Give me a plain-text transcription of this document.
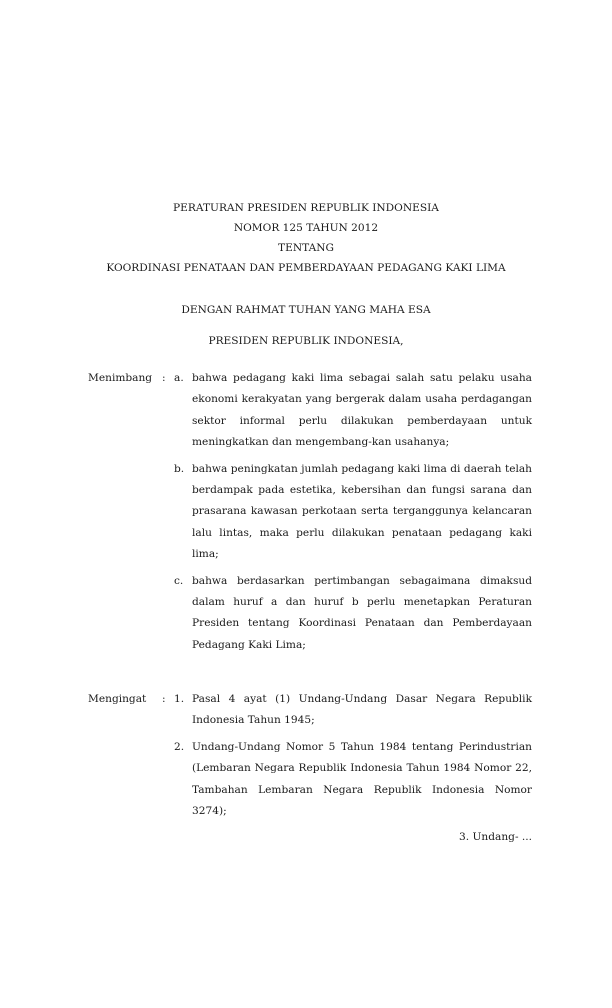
PERATURAN PRESIDEN REPUBLIK INDONESIA
NOMOR 125 TAHUN 2012
TENTANG
KOORDINASI PENATAAN DAN PEMBERDAYAAN PEDAGANG KAKI LIMA
DENGAN RAHMAT TUHAN YANG MAHA ESA
PRESIDEN REPUBLIK INDONESIA,
Menimbang : a. bahwa pedagang kaki lima sebagai salah satu pelaku usaha ekonomi kerakyatan yang bergerak dalam usaha perdagangan sektor informal perlu dilakukan pemberdayaan untuk meningkatkan dan mengembang-kan usahanya;
b. bahwa peningkatan jumlah pedagang kaki lima di daerah telah berdampak pada estetika, kebersihan dan fungsi sarana dan prasarana kawasan perkotaan serta terganggunya kelancaran lalu lintas, maka perlu dilakukan penataan pedagang kaki lima;
c. bahwa berdasarkan pertimbangan sebagaimana dimaksud dalam huruf a dan huruf b perlu menetapkan Peraturan Presiden tentang Koordinasi Penataan dan Pemberdayaan Pedagang Kaki Lima;
Mengingat : 1. Pasal 4 ayat (1) Undang-Undang Dasar Negara Republik Indonesia Tahun 1945;
2. Undang-Undang Nomor 5 Tahun 1984 tentang Perindustrian (Lembaran Negara Republik Indonesia Tahun 1984 Nomor 22, Tambahan Lembaran Negara Republik Indonesia Nomor 3274);
3. Undang- ...
